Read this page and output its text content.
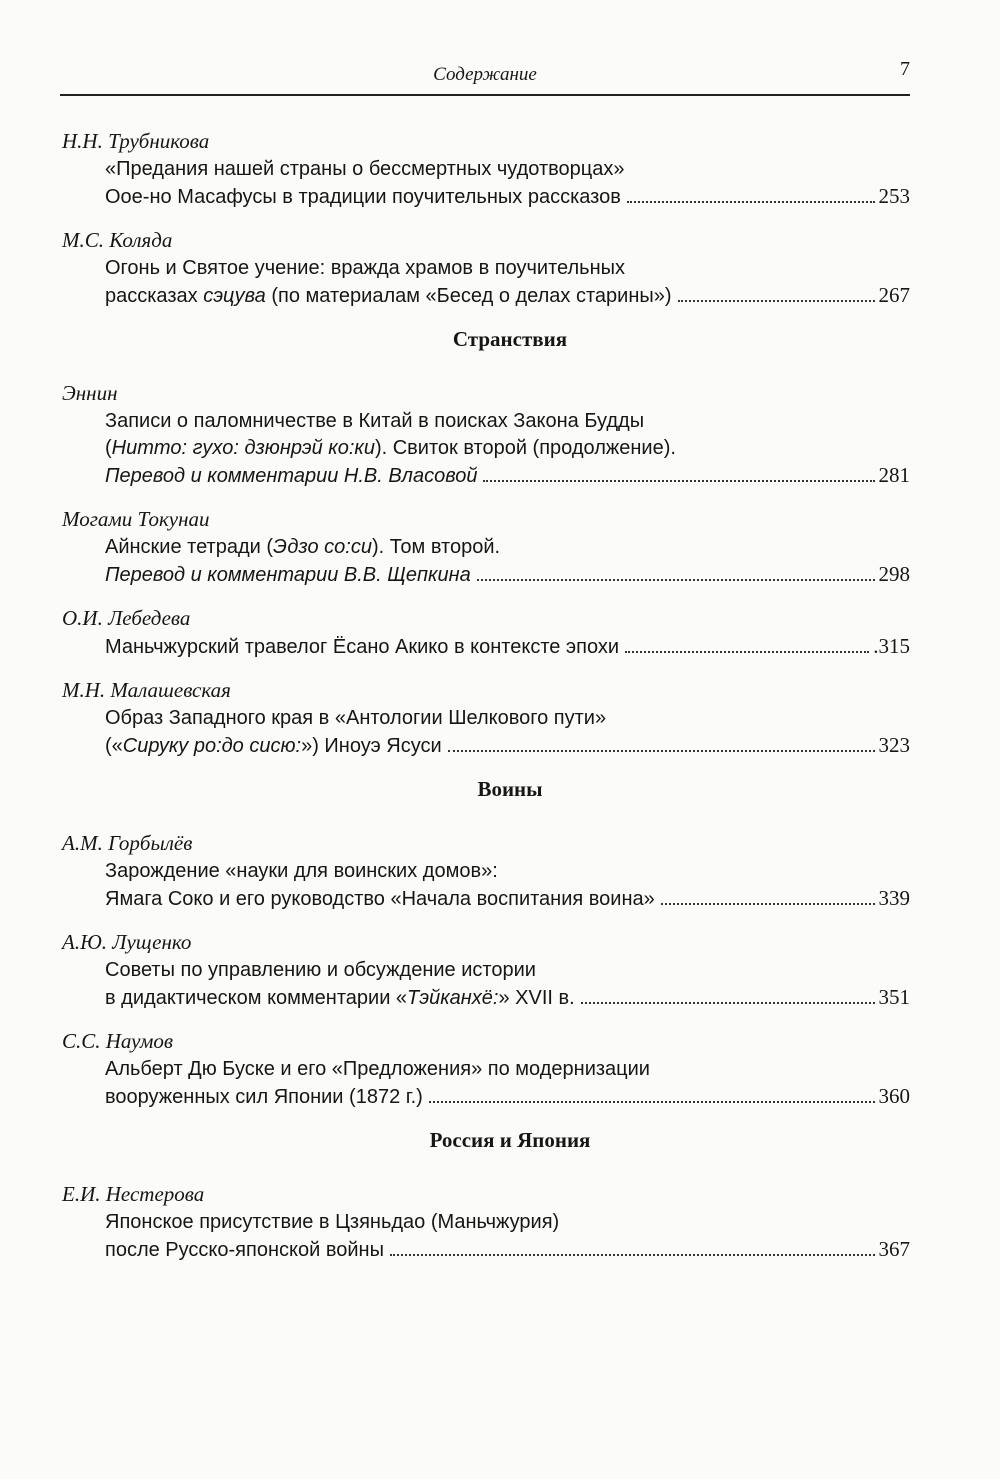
Содержание	7
Н.Н. Трубникова
«Предания нашей страны о бессмертных чудотворцах»
Оое-но Масафусы в традиции поучительных рассказов	253
М.С. Коляда
Огонь и Святое учение: вражда храмов в поучительных
рассказах сэцува (по материалам «Бесед о делах старины»)	267
Странствия
Эннин
Записи о паломничестве в Китай в поисках Закона Будды
(Нитто: гухо: дзюнрэй ко:ки). Свиток второй (продолжение).
Перевод и комментарии Н.В. Власовой	281
Могами Токунаи
Айнские тетради (Эдзо со:си). Том второй.
Перевод и комментарии В.В. Щепкина	298
О.И. Лебедева
Маньчжурский травелог Ёсано Акико в контексте эпохи	.315
М.Н. Малашевская
Образ Западного края в «Антологии Шелкового пути»
(«Сируку ро:до сисю:») Иноуэ Ясуси	323
Воины
А.М. Горбылёв
Зарождение «науки для воинских домов»:
Ямага Соко и его руководство «Начала воспитания воина»	339
А.Ю. Лущенко
Советы по управлению и обсуждение истории
в дидактическом комментарии «Тэйканхё:» XVII в.	351
С.С. Наумов
Альберт Дю Буске и его «Предложения» по модернизации
вооруженных сил Японии (1872 г.)	360
Россия и Япония
Е.И. Нестерова
Японское присутствие в Цзяньдао (Маньчжурия)
после Русско-японской войны	367
